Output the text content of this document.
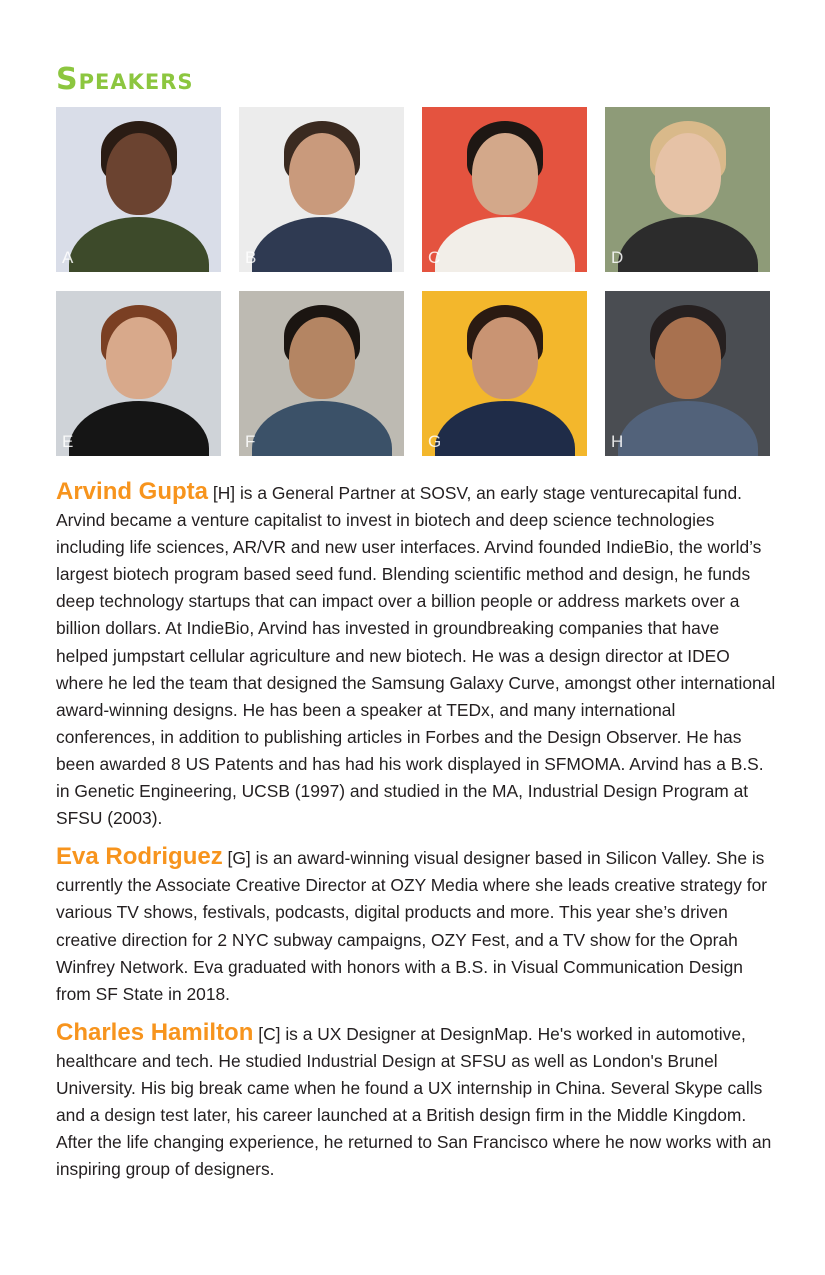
Speakers
A	B	C	D
E	F	G	H

Arvind Gupta [H] is a General Partner at SOSV, an early stage venturecapital fund. Arvind became a venture capitalist to invest in biotech and deep science technologies including life sciences, AR/VR and new user interfaces. Arvind founded IndieBio, the world’s largest biotech program based seed fund. Blending scientific method and design, he funds deep technology startups that can impact over a billion people or address markets over a billion dollars. At IndieBio, Arvind has invested in groundbreaking companies that have helped jumpstart cellular agriculture and new biotech. He was a design director at IDEO where he led the team that designed the Samsung Galaxy Curve, amongst other international award-winning designs. He has been a speaker at TEDx, and many international conferences, in addition to publishing articles in Forbes and the Design Observer. He has been awarded 8 US Patents and has had his work displayed in SFMOMA. Arvind has a B.S. in Genetic Engineering, UCSB (1997) and studied in the MA, Industrial Design Program at SFSU (2003).

Eva Rodriguez [G] is an award-winning visual designer based in Silicon Valley. She is currently the Associate Creative Director at OZY Media where she leads creative strategy for various TV shows, festivals, podcasts, digital products and more. This year she’s driven creative direction for 2 NYC subway campaigns, OZY Fest, and a TV show for the Oprah Winfrey Network. Eva graduated with honors with a B.S. in Visual Communication Design from SF State in 2018.

Charles Hamilton [C] is a UX Designer at DesignMap. He's worked in automotive, healthcare and tech. He studied Industrial Design at SFSU as well as London's Brunel University. His big break came when he found a UX internship in China. Several Skype calls and a design test later, his career launched at a British design firm in the Middle Kingdom. After the life changing experience, he returned to San Francisco where he now works with an inspiring group of designers.
